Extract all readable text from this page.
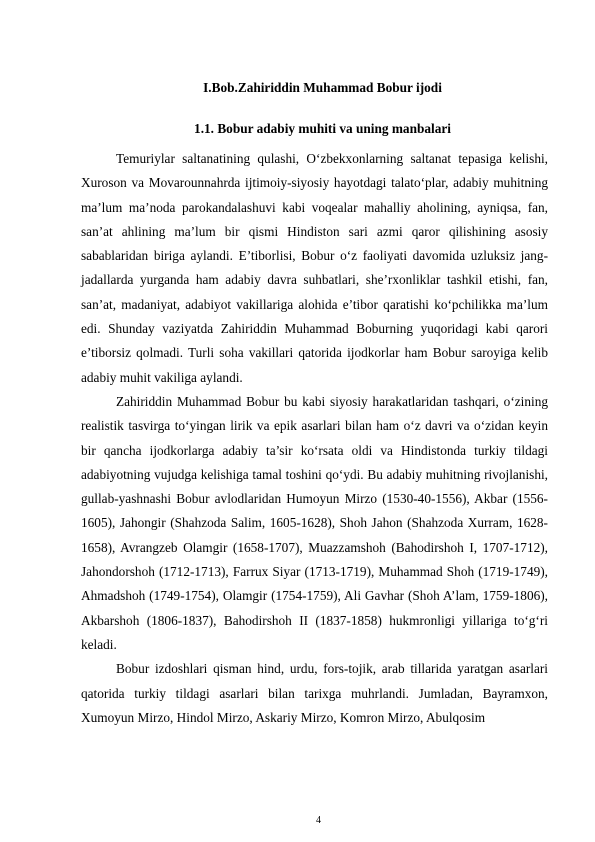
I.Bob.Zahiriddin Muhammad Bobur ijodi
1.1. Bobur adabiy muhiti va uning manbalari

Temuriylar saltanatining qulashi, O‘zbekxonlarning saltanat tepasiga kelishi, Xuroson va Movarounnahrda ijtimoiy-siyosiy hayotdagi talato‘plar, adabiy muhitning ma’lum ma’noda parokandalashuvi kabi voqealar mahalliy aholining, ayniqsa, fan, san’at ahlining ma’lum bir qismi Hindiston sari azmi qaror qilishining asosiy sabablaridan biriga aylandi. E’tiborlisi, Bobur o‘z faoliyati davomida uzluksiz jang-jadallarda yurganda ham adabiy davra suhbatlari, she’rxonliklar tashkil etishi, fan, san’at, madaniyat, adabiyot vakillariga alohida e’tibor qaratishi ko‘pchilikka ma’lum edi. Shunday vaziyatda Zahiriddin Muhammad Boburning yuqoridagi kabi qarori e’tiborsiz qolmadi. Turli soha vakillari qatorida ijodkorlar ham Bobur saroyiga kelib adabiy muhit vakiliga aylandi.

Zahiriddin Muhammad Bobur bu kabi siyosiy harakatlaridan tashqari, o‘zining realistik tasvirga to‘yingan lirik va epik asarlari bilan ham o‘z davri va o‘zidan keyin bir qancha ijodkorlarga adabiy ta’sir ko‘rsata oldi va Hindistonda turkiy tildagi adabiyotning vujudga kelishiga tamal toshini qo‘ydi. Bu adabiy muhitning rivojlanishi, gullab-yashnashi Bobur avlodlaridan Humoyun Mirzo (1530-40-1556), Akbar (1556-1605), Jahongir (Shahzoda Salim, 1605-1628), Shoh Jahon (Shahzoda Xurram, 1628-1658), Avrangzeb Olamgir (1658-1707), Muazzamshoh (Bahodirshoh I, 1707-1712), Jahondorshoh (1712-1713), Farrux Siyar (1713-1719), Muhammad Shoh (1719-1749), Ahmadshoh (1749-1754), Olamgir (1754-1759), Ali Gavhar (Shoh A’lam, 1759-1806), Akbarshoh (1806-1837), Bahodirshoh II (1837-1858) hukmronligi yillariga to‘g‘ri keladi.

Bobur izdoshlari qisman hind, urdu, fors-tojik, arab tillarida yaratgan asarlari qatorida turkiy tildagi asarlari bilan tarixga muhrlandi. Jumladan, Bayramxon, Xumoyun Mirzo, Hindol Mirzo, Askariy Mirzo, Komron Mirzo, Abulqosim

4
